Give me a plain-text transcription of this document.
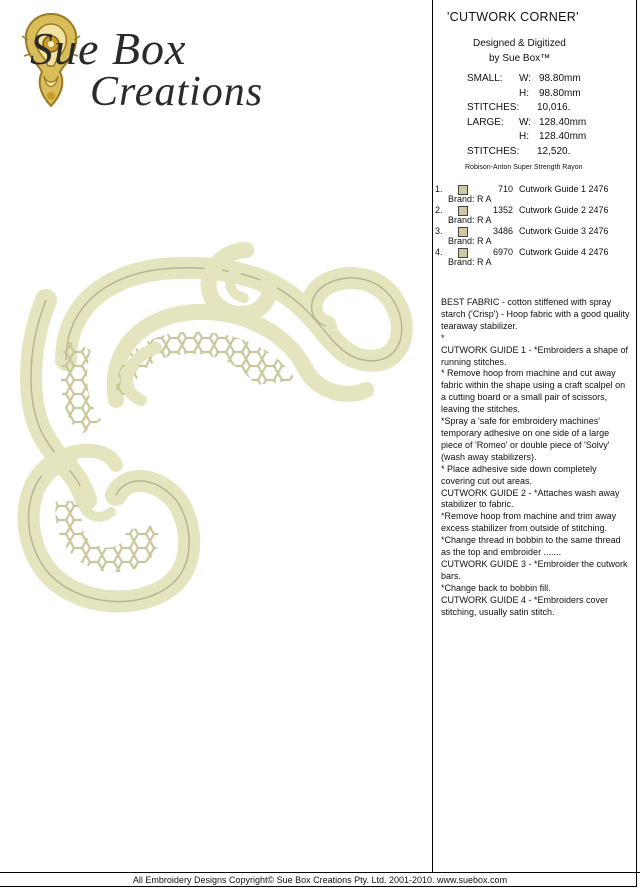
Sue Box
Creations
'CUTWORK CORNER'
Designed & Digitized
by Sue Box™
SMALL: W: 98.80mm
H: 98.80mm
STITCHES: 10,016.
LARGE: W: 128.40mm
H: 128.40mm
STITCHES: 12,520.
Robison-Anton Super Strength Rayon
1.	710 Cutwork Guide 1 2476
Brand: R A
2.	1352 Cutwork Guide 2 2476
Brand: R A
3.	3486 Cutwork Guide 3 2476
Brand: R A
4.	6970 Cutwork Guide 4 2476
Brand: R A

BEST FABRIC - cotton stiffened with spray starch ('Crisp') - Hoop fabric with a good quality tearaway stabilizer.

*

CUTWORK GUIDE 1 - *Embroiders a shape of running stitches.

* Remove hoop from machine and cut away fabric within the shape using a craft scalpel on a cutting board or a small pair of scissors, leaving the stitches.

*Spray a 'safe for embroidery machines' temporary adhesive on one side of a large piece of 'Romeo' or double piece of 'Solvy' (wash away stabilizers).

* Place adhesive side down completely covering cut out areas.

CUTWORK GUIDE 2 - *Attaches wash away stabilizer to fabric.

*Remove hoop from machine and trim away excess stabilizer from outside of stitching.

*Change thread in bobbin to the same thread as the top and embroider .......

CUTWORK GUIDE 3 - *Embroider the cutwork bars.

*Change back to bobbin fill.

CUTWORK GUIDE 4 - *Embroiders cover stitching, usually satin stitch.

All Embroidery Designs Copyright© Sue Box Creations Pty. Ltd. 2001-2010. www.suebox.com
